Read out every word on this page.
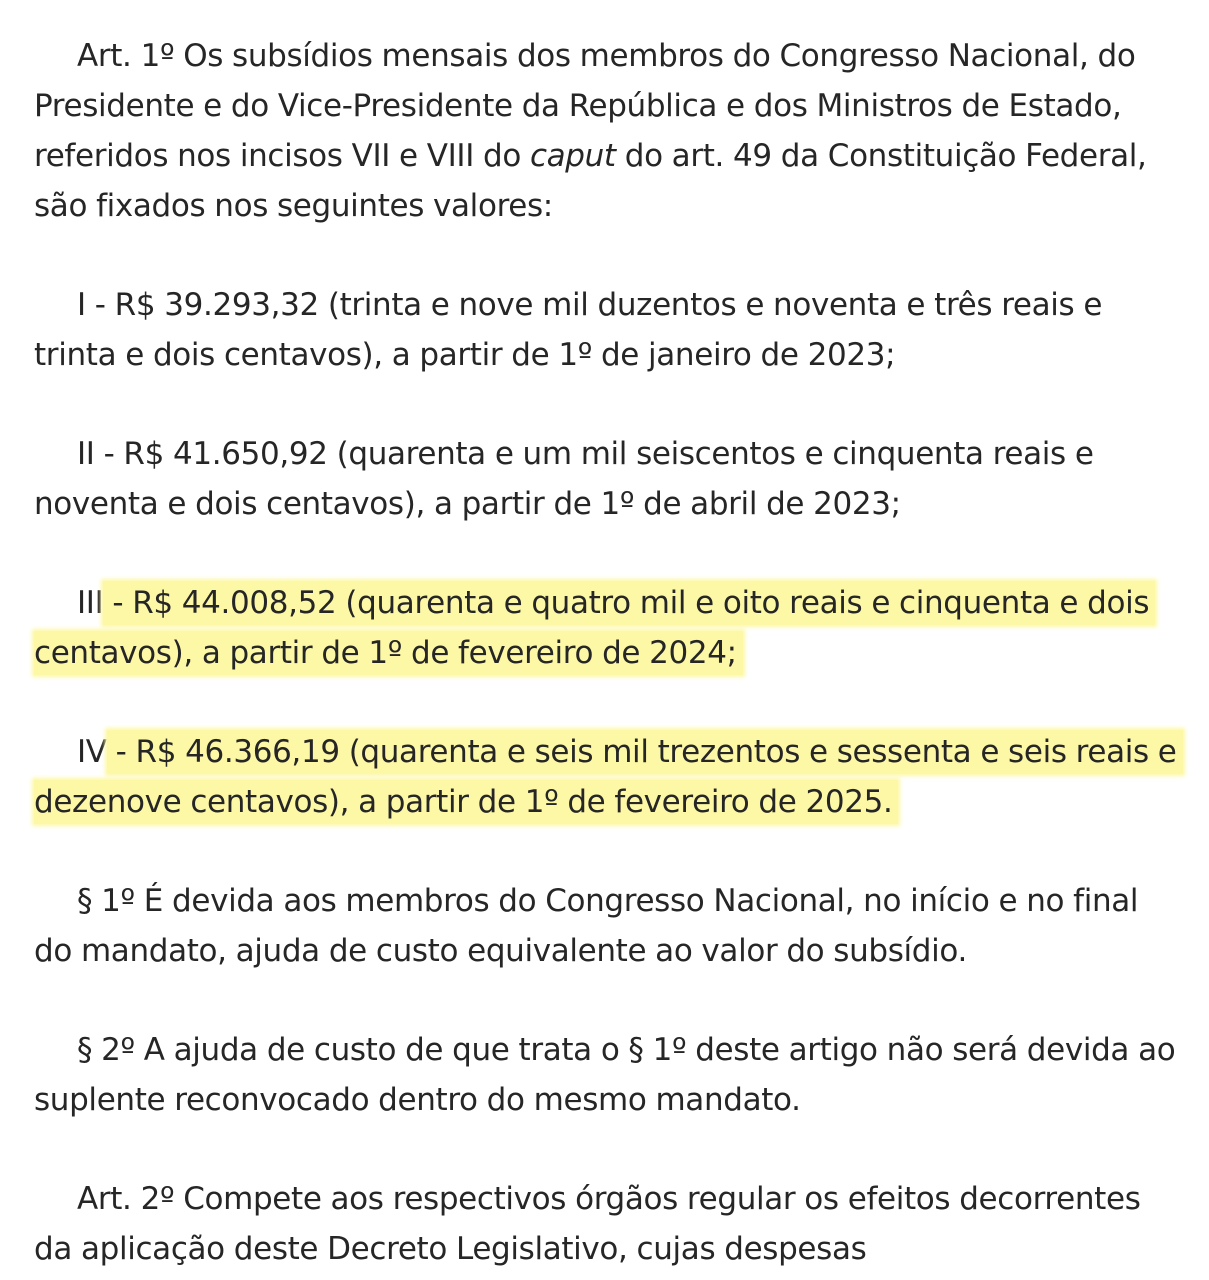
Art. 1º Os subsídios mensais dos membros do Congresso Nacional, do Presidente e do Vice-Presidente da República e dos Ministros de Estado, referidos nos incisos VII e VIII do caput do art. 49 da Constituição Federal, são fixados nos seguintes valores:

I - R$ 39.293,32 (trinta e nove mil duzentos e noventa e três reais e trinta e dois centavos), a partir de 1º de janeiro de 2023;

II - R$ 41.650,92 (quarenta e um mil seiscentos e cinquenta reais e noventa e dois centavos), a partir de 1º de abril de 2023;

III - R$ 44.008,52 (quarenta e quatro mil e oito reais e cinquenta e dois centavos), a partir de 1º de fevereiro de 2024;

IV - R$ 46.366,19 (quarenta e seis mil trezentos e sessenta e seis reais e dezenove centavos), a partir de 1º de fevereiro de 2025.

§ 1º É devida aos membros do Congresso Nacional, no início e no final do mandato, ajuda de custo equivalente ao valor do subsídio.

§ 2º A ajuda de custo de que trata o § 1º deste artigo não será devida ao suplente reconvocado dentro do mesmo mandato.

Art. 2º Compete aos respectivos órgãos regular os efeitos decorrentes da aplicação deste Decreto Legislativo, cujas despesas
